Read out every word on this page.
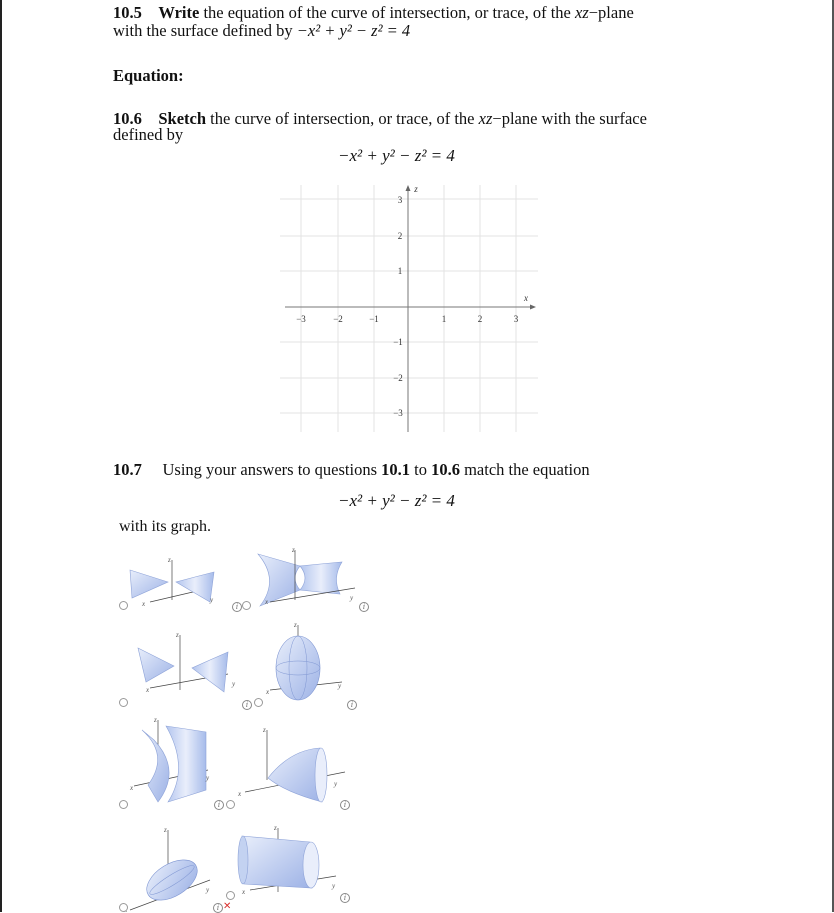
10.5 Write the equation of the curve of intersection, or trace, of the xz−plane
with the surface defined by −x² + y² − z² = 4
Equation:
10.6 Sketch the curve of intersection, or trace, of the xz−plane with the surface
defined by
−x² + y² − z² = 4
x
z
−3	−2	−1	1	2	3
3
2
1
−1
−2
−3
10.7 Using your answers to questions 10.1 to 10.6 match the equation
−x² + y² − z² = 4
with its graph.
z
x	y
z
x	y
z
x
y
z
x
y
z
x
y
z
x
y
z
y
z
x
y
i	i
i	i
i	i
i
i
✕
